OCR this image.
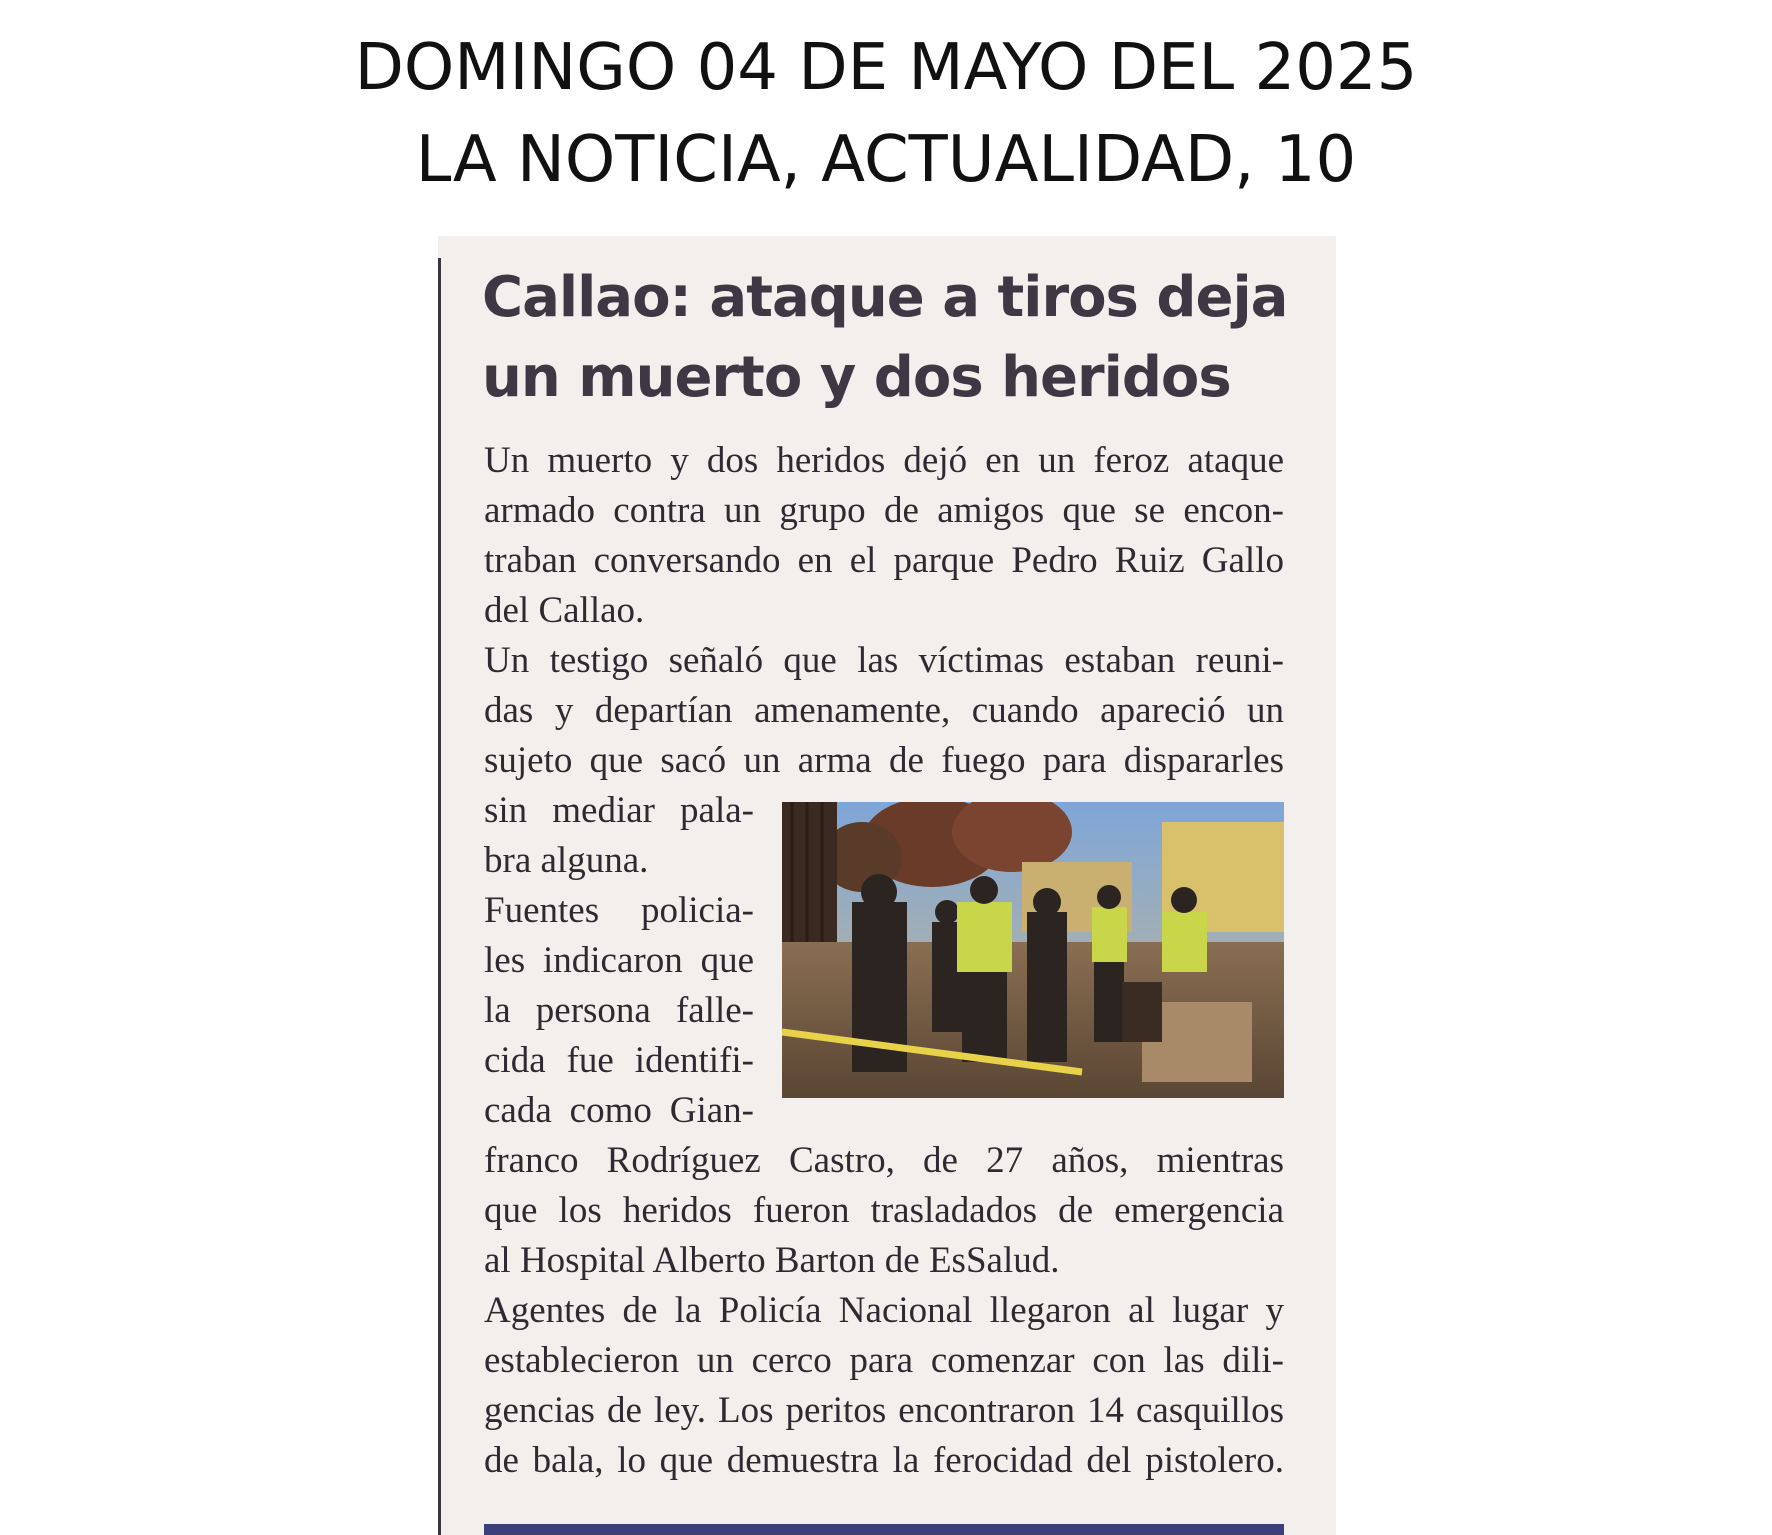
DOMINGO 04 DE MAYO DEL 2025
LA NOTICIA, ACTUALIDAD, 10
Callao: ataque a tiros deja
un muerto y dos heridos
Un muerto y dos heridos dejó en un feroz ataque
armado contra un grupo de amigos que se encon-
traban conversando en el parque Pedro Ruiz Gallo
del Callao.
Un testigo señaló que las víctimas estaban reuni-
das y departían amenamente, cuando apareció un
sujeto que sacó un arma de fuego para dispararles
sin mediar pala-
bra alguna.
Fuentes policia-
les indicaron que
la persona falle-
cida fue identifi-
cada como Gian-
franco Rodríguez Castro, de 27 años, mientras
que los heridos fueron trasladados de emergencia
al Hospital Alberto Barton de EsSalud.
Agentes de la Policía Nacional llegaron al lugar y
establecieron un cerco para comenzar con las dili-
gencias de ley. Los peritos encontraron 14 casquillos
de bala, lo que demuestra la ferocidad del pistolero.
